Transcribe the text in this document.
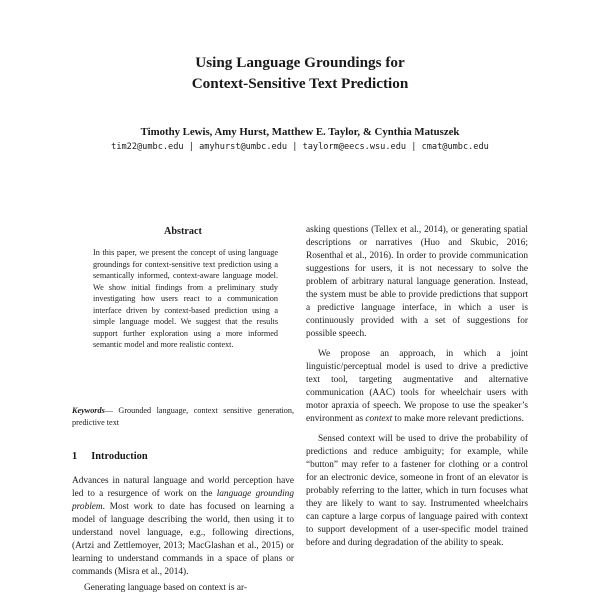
Using Language Groundings for
Context-Sensitive Text Prediction
Timothy Lewis, Amy Hurst, Matthew E. Taylor, & Cynthia Matuszek
tim22@umbc.edu | amyhurst@umbc.edu | taylorm@eecs.wsu.edu | cmat@umbc.edu
Abstract
In this paper, we present the concept of using language groundings for context-sensitive text prediction using a semantically informed, context-aware language model. We show initial findings from a preliminary study investigating how users react to a communication interface driven by context-based prediction using a simple language model. We suggest that the results support further exploration using a more informed semantic model and more realistic context.
Keywords— Grounded language, context sensitive generation, predictive text
1 Introduction

Advances in natural language and world perception have led to a resurgence of work on the language grounding problem. Most work to date has focused on learning a model of language describing the world, then using it to understand novel language, e.g., following directions, (Artzi and Zettlemoyer, 2013; MacGlashan et al., 2015) or learning to understand commands in a space of plans or commands (Misra et al., 2014).

Generating language based on context is ar-

asking questions (Tellex et al., 2014), or generating spatial descriptions or narratives (Huo and Skubic, 2016; Rosenthal et al., 2016). In order to provide communication suggestions for users, it is not necessary to solve the problem of arbitrary natural language generation. Instead, the system must be able to provide predictions that support a predictive language interface, in which a user is continuously provided with a set of suggestions for possible speech.

We propose an approach, in which a joint linguistic/perceptual model is used to drive a predictive text tool, targeting augmentative and alternative communication (AAC) tools for wheelchair users with motor apraxia of speech. We propose to use the speaker’s environment as context to make more relevant predictions.

Sensed context will be used to drive the probability of predictions and reduce ambiguity; for example, while “button” may refer to a fastener for clothing or a control for an electronic device, someone in front of an elevator is probably referring to the latter, which in turn focuses what they are likely to want to say. Instrumented wheelchairs can capture a large corpus of language paired with context to support development of a user-specific model trained before and during degradation of the ability to speak.
